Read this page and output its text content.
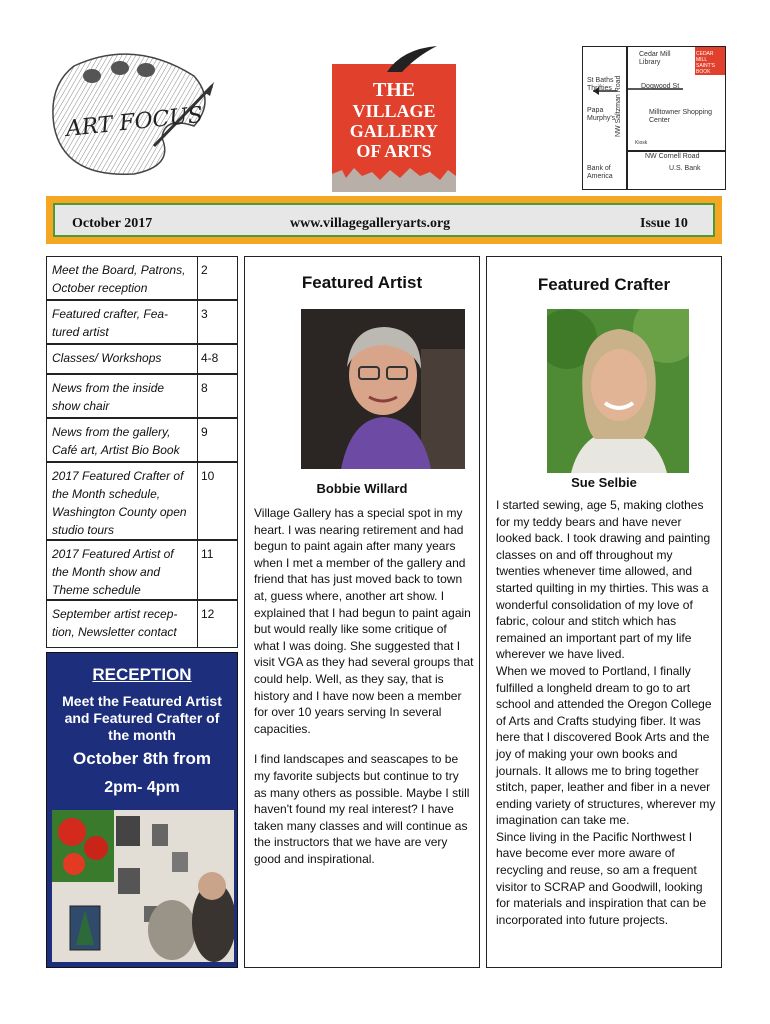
ART FOCUS
THE
VILLAGE
GALLERY
OF ARTS
Cedar Mill Library
CEDAR MILL SAINT'S BOOK STORE
St Baths Thrifties
Papa Murphy's NW Saltzman Road	Dogwood St
Milltowner Shopping Center
Kiosk
NW Cornell Road
Bank of America
U.S. Bank
October 2017	www.villagegalleryarts.org	Issue 10
Meet the Board, Patrons,
October reception
2
Featured crafter, Fea-
tured artist
3
Classes/ Workshops	4-8
News from the inside
show chair
8
News from the gallery,
Café art, Artist Bio Book
9
2017 Featured Crafter of
the Month schedule,
Washington County open
studio tours
10
2017 Featured Artist of
the Month show and
Theme schedule
11
September artist recep-
tion, Newsletter contact
12
RECEPTION
Meet the Featured Artist
and Featured Crafter of
the month
October 8th from
2pm- 4pm
Featured Artist
Bobbie Willard

Village Gallery has a special spot in my heart. I was nearing retirement and had begun to paint again after many years when I met a member of the gallery and friend that has just moved back to town at, guess where, another art show. I explained that I had begun to paint again but would really like some critique of what I was doing. She suggested that I visit VGA as they had several groups that could help. Well, as they say, that is history and I have now been a member for over 10 years serving In several capacities.

I find landscapes and seascapes to be my favorite subjects but continue to try as many others as possible. Maybe I still haven't found my real interest? I have taken many classes and will continue as the instructors that we have are very good and inspirational.

Featured Crafter
Sue Selbie

I started sewing, age 5, making clothes for my teddy bears and have never looked back. I took drawing and painting classes on and off throughout my twenties whenever time allowed, and started quilting in my thirties. This was a wonderful consolidation of my love of fabric, colour and stitch which has remained an important part of my life wherever we have lived.

When we moved to Portland, I finally fulfilled a longheld dream to go to art school and attended the Oregon College of Arts and Crafts studying fiber. It was here that I discovered Book Arts and the joy of making your own books and journals. It allows me to bring together stitch, paper, leather and fiber in a never ending variety of structures, wherever my imagination can take me.

Since living in the Pacific Northwest I have become ever more aware of recycling and reuse, so am a frequent visitor to SCRAP and Goodwill, looking for materials and inspiration that can be incorporated into future projects.
